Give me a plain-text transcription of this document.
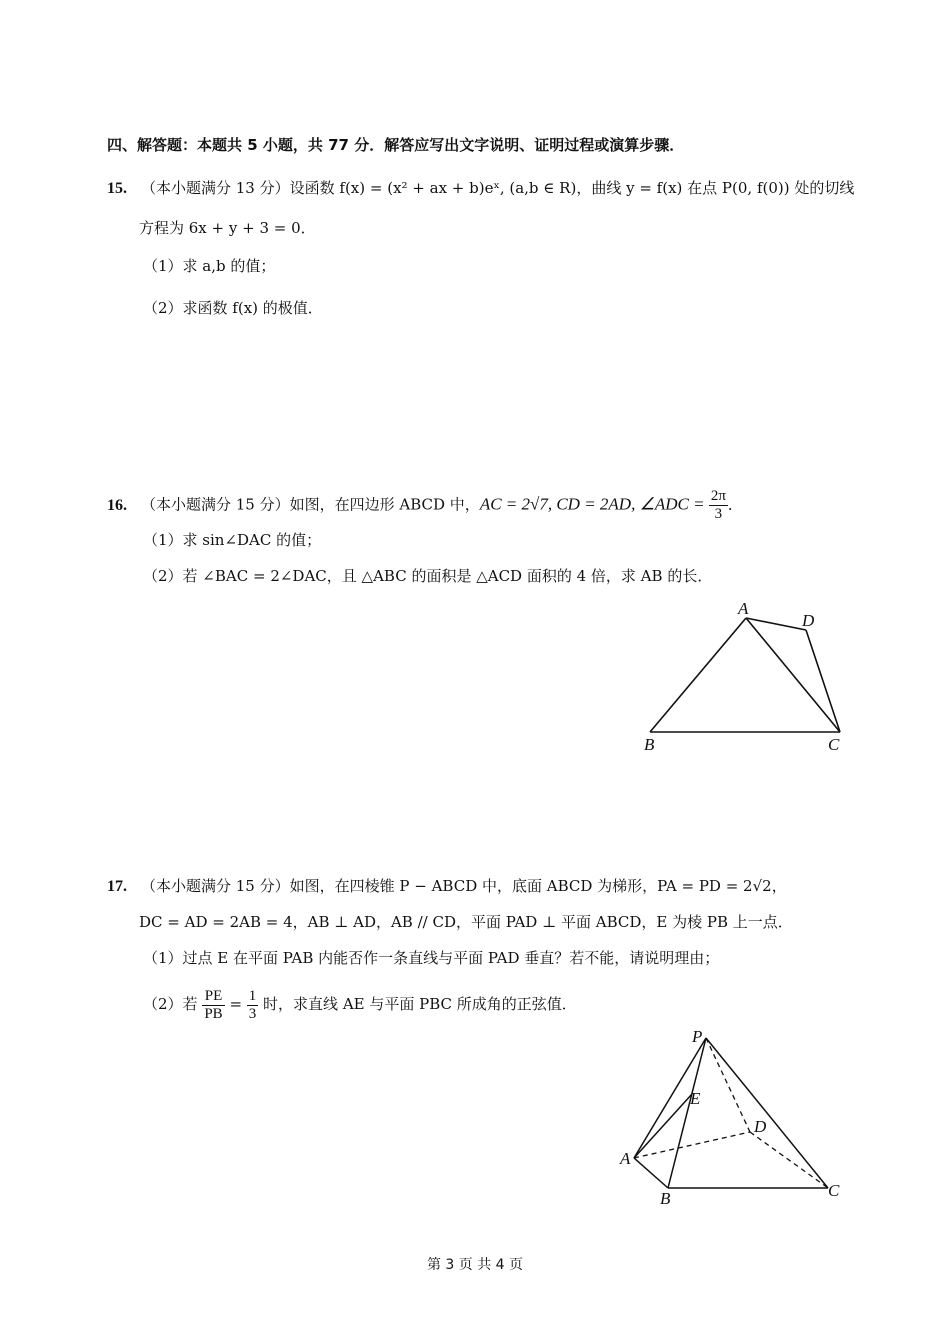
四、解答题：本题共 5 小题，共 77 分．解答应写出文字说明、证明过程或演算步骤．
15. （本小题满分 13 分）设函数 f(x) = (x² + ax + b)eˣ, (a,b ∈ R)，曲线 y = f(x) 在点 P(0, f(0)) 处的切线
方程为 6x + y + 3 = 0．
（1）求 a,b 的值；
（2）求函数 f(x) 的极值．
16. （本小题满分 15 分）如图，在四边形 ABCD 中，AC = 2√7, CD = 2AD, ∠ADC = $\frac{2\pi}{3}$ ．
（1）求 sin∠DAC 的值；
（2）若 ∠BAC = 2∠DAC，且 △ABC 的面积是 △ACD 面积的 4 倍，求 AB 的长．
A
D
B	C
17. （本小题满分 15 分）如图，在四棱锥 P − ABCD 中，底面 ABCD 为梯形，PA = PD = 2√2，
DC = AD = 2AB = 4，AB ⊥ AD，AB // CD，平面 PAD ⊥ 平面 ABCD，E 为棱 PB 上一点．
（1）过点 E 在平面 PAB 内能否作一条直线与平面 PAD 垂直？若不能，请说明理由；
（2）若 $\frac{PE}{PB} = \frac{1}{3}$ 时，求直线 AE 与平面 PBC 所成角的正弦值．
P
E
D
A
B	C
第 3 页 共 4 页
